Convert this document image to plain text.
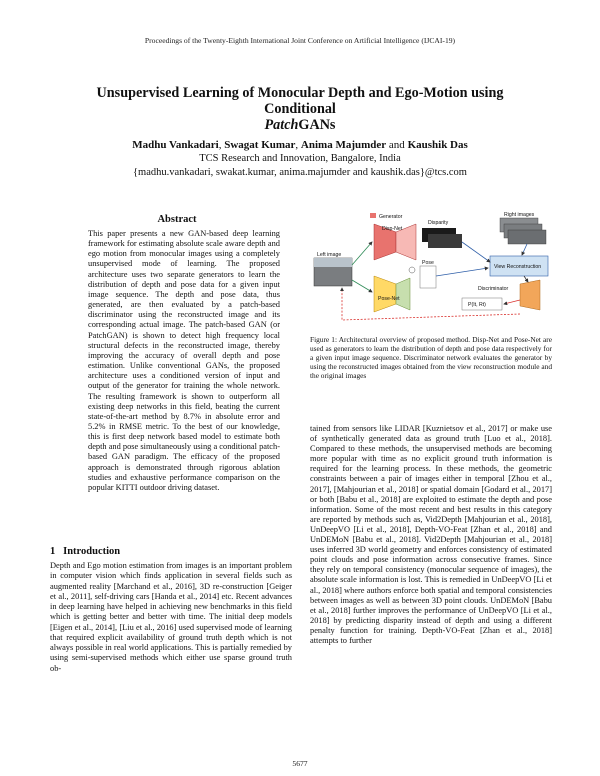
Proceedings of the Twenty-Eighth International Joint Conference on Artificial Intelligence (IJCAI-19)
Unsupervised Learning of Monocular Depth and Ego-Motion using Conditional
PatchGANs
Madhu Vankadari, Swagat Kumar, Anima Majumder and Kaushik Das
TCS Research and Innovation, Bangalore, India
{madhu.vankadari, swakat.kumar, anima.majumder and kaushik.das}@tcs.com
Abstract
This paper presents a new GAN-based deep learning framework for estimating absolute scale aware depth and ego motion from monocular images using a completely unsupervised mode of learning. The proposed architecture uses two separate generators to learn the distribution of depth and pose data for a given input image sequence. The depth and pose data, thus generated, are then evaluated by a patch-based discriminator using the reconstructed image and its corresponding actual image. The patch-based GAN (or PatchGAN) is shown to detect high frequency local structural defects in the reconstructed image, thereby improving the accuracy of overall depth and pose estimation. Unlike conventional GANs, the proposed architecture uses a conditioned version of input and output of the generator for training the whole network. The resulting framework is shown to outperform all existing deep networks in this field, beating the current state-of-the-art method by 8.7% in absolute error and 5.2% in RMSE metric. To the best of our knowledge, this is first deep network based model to estimate both depth and pose simultaneously using a conditional patch-based GAN paradigm. The efficacy of the proposed approach is demonstrated through rigorous ablation studies and exhaustive performance comparison on the popular KITTI outdoor driving dataset.
1 Introduction
Depth and Ego motion estimation from images is an important problem in computer vision which finds application in several fields such as augmented reality [Marchand et al., 2016], 3D re-construction [Geiger et al., 2011], self-driving cars [Handa et al., 2014] etc. Recent advances in deep learning have helped in achieving new benchmarks in this field which is getting better and better with time. The initial deep models [Eigen et al., 2014], [Liu et al., 2016] used supervised mode of learning that required explicit availability of ground truth depth which is not always possible in real world applications. This is partially remedied by using semi-supervised methods which either use sparse ground truth ob-
Left image
Generator
Disp-Net
Pose-Net
Disparity
Pose
Right images
View Reconstruction
Discriminator
P(It, Rt)
Figure 1: Architectural overview of proposed method. Disp-Net and Pose-Net are used as generators to learn the distribution of depth and pose data respectively for a given input image sequence. Discriminator network evaluates the generator by using the reconstructed images obtained from the view reconstruction module and the original images
tained from sensors like LIDAR [Kuznietsov et al., 2017] or make use of synthetically generated data as ground truth [Luo et al., 2018]. Compared to these methods, the unsupervised methods are becoming more popular with time as no explicit ground truth information is required for the learning process. In these methods, the geometric constraints between a pair of images either in temporal [Zhou et al., 2017], [Mahjourian et al., 2018] or spatial domain [Godard et al., 2017] or both [Babu et al., 2018] are exploited to estimate the depth and pose information. Some of the most recent and best results in this category are reported by methods such as, Vid2Depth [Mahjourian et al., 2018], UnDeepVO [Li et al., 2018], Depth-VO-Feat [Zhan et al., 2018] and UnDEMoN [Babu et al., 2018]. Vid2Depth [Mahjourian et al., 2018] uses inferred 3D world geometry and enforces consistency of estimated point clouds and pose information across consecutive frames. Since they rely on temporal consistency (monocular sequence of images), the absolute scale information is lost. This is remedied in UnDeepVO [Li et al., 2018] where authors enforce both spatial and temporal consistencies between images as well as between 3D point clouds. UnDEMoN [Babu et al., 2018] further improves the performance of UnDeepVO [Li et al., 2018] by predicting disparity instead of depth and using a different penalty function for training. Depth-VO-Feat [Zhan et al., 2018] attempts to further
5677
